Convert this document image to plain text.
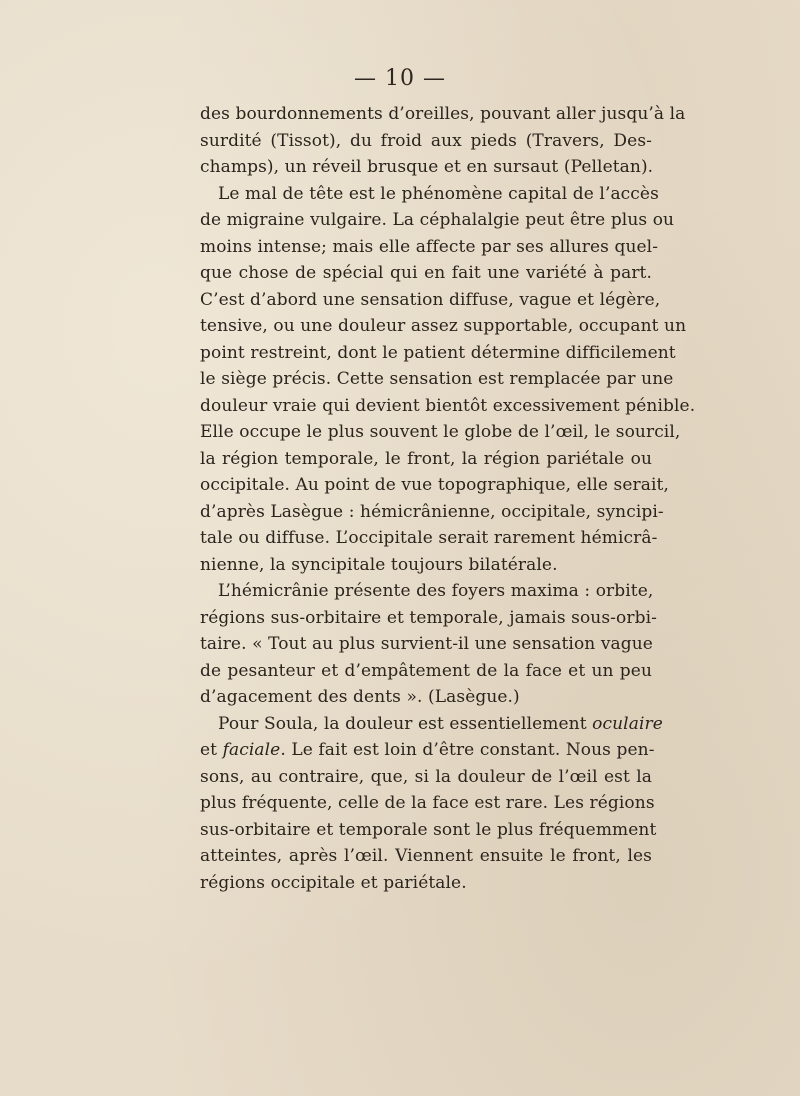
— 10 —
des bourdonnements d’oreilles, pouvant aller jusqu’à la
surdité (Tissot), du froid aux pieds (Travers, Des-
champs), un réveil brusque et en sursaut (Pelletan).
Le mal de tête est le phénomène capital de l’accès
de migraine vulgaire. La céphalalgie peut être plus ou
moins intense; mais elle affecte par ses allures quel-
que chose de spécial qui en fait une variété à part.
C’est d’abord une sensation diffuse, vague et légère,
tensive, ou une douleur assez supportable, occupant un
point restreint, dont le patient détermine difficilement
le siège précis. Cette sensation est remplacée par une
douleur vraie qui devient bientôt excessivement pénible.
Elle occupe le plus souvent le globe de l’œil, le sourcil,
la région temporale, le front, la région pariétale ou
occipitale. Au point de vue topographique, elle serait,
d’après Lasègue : hémicrânienne, occipitale, syncipi-
tale ou diffuse. L’occipitale serait rarement hémicrâ-
nienne, la syncipitale toujours bilatérale.
L’hémicrânie présente des foyers maxima : orbite,
régions sus-orbitaire et temporale, jamais sous-orbi-
taire. « Tout au plus survient-il une sensation vague
de pesanteur et d’empâtement de la face et un peu
d’agacement des dents ». (Lasègue.)
Pour Soula, la douleur est essentiellement oculaire
et faciale. Le fait est loin d’être constant. Nous pen-
sons, au contraire, que, si la douleur de l’œil est la
plus fréquente, celle de la face est rare. Les régions
sus-orbitaire et temporale sont le plus fréquemment
atteintes, après l’œil. Viennent ensuite le front, les
régions occipitale et pariétale.
